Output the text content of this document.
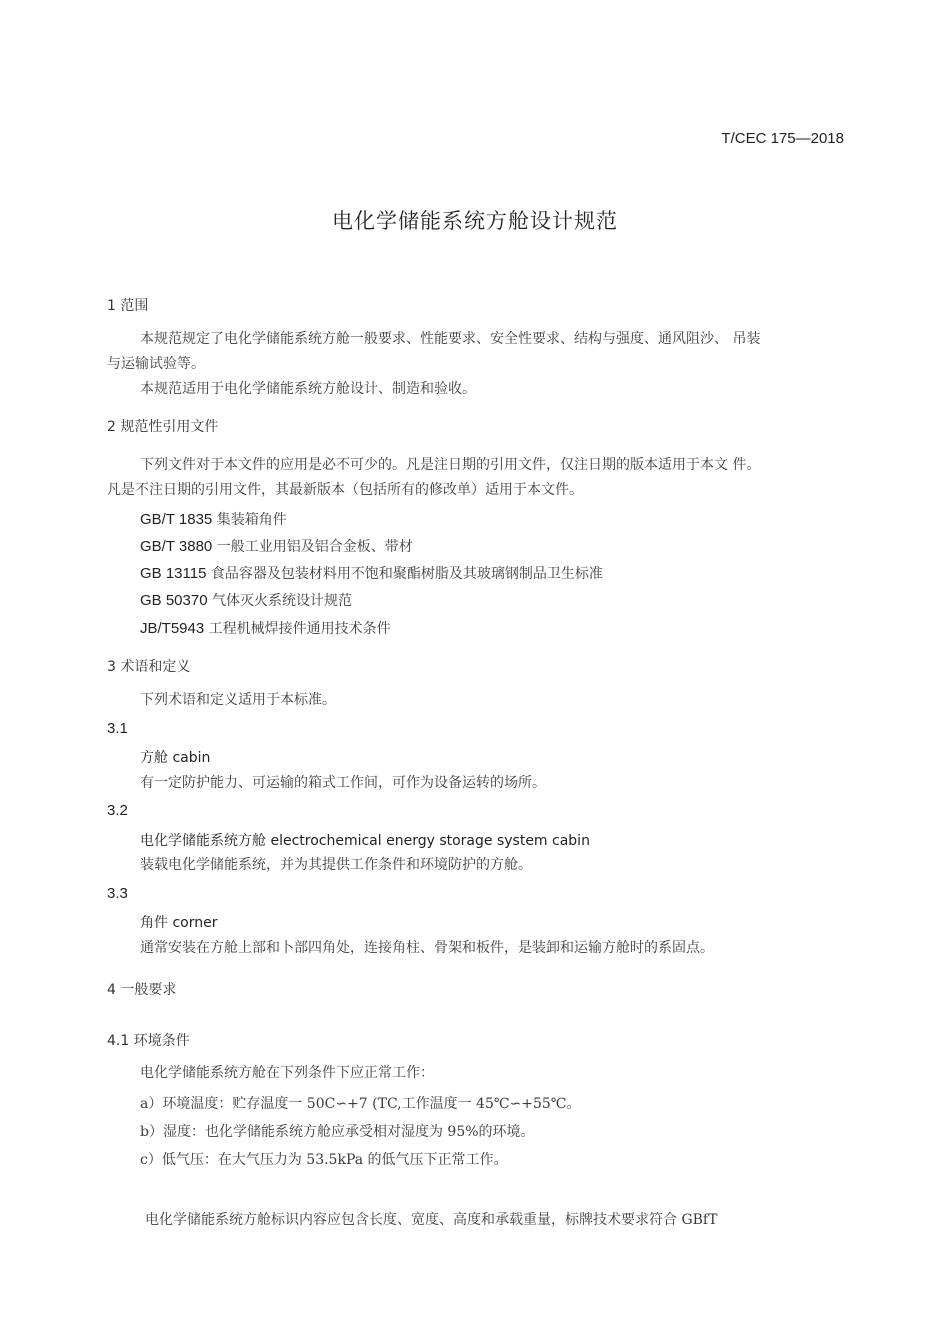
T/CEC 175—2018
电化学储能系统方舱设计规范
1 范围
本规范规定了电化学储能系统方舱一般要求、性能要求、安全性要求、结构与强度、通风阻沙、 吊装
与运输试验等。
本规范适用于电化学储能系统方舱设计、制造和验收。
2 规范性引用文件
下列文件对于本文件的应用是必不可少的。凡是注日期的引用文件，仅注日期的版本适用于本文 件。
凡是不注日期的引用文件，其最新版本（包括所有的修改单）适用于本文件。
GB/T 1835 集装箱角件
GB/T 3880 一般工业用铝及铝合金板、带材
GB 13115 食品容器及包装材料用不饱和聚酯树脂及其玻璃钢制品卫生标准
GB 50370 气体灭火系统设计规范
JB/T5943 工程机械焊接件通用技术条件
3 术语和定义
下列术语和定义适用于本标准。
3.1
方舱 cabin
有一定防护能力、可运输的箱式工作间，可作为设备运转的场所。
3.2
电化学储能系统方舱 electrochemical energy storage system cabin
装载电化学储能系统，并为其提供工作条件和环境防护的方舱。
3.3
角件 corner
通常安装在方舱上部和卜部四角处，连接角柱、骨架和板件，是装卸和运输方舱时的系固点。
4 一般要求
4.1 环境条件
电化学储能系统方舱在下列条件下应正常工作：
a）环境温度：贮存温度一 50C∽+7 (TC,工作温度一 45℃∽+55℃。
b）湿度：也化学储能系统方舱应承受相对湿度为 95%的环境。
c）低气压：在大气压力为 53.5kPa 的低气压下正常工作。
电化学储能系统方舱标识内容应包含长度、宽度、高度和承载重量，标牌技术要求符合 GBfT
